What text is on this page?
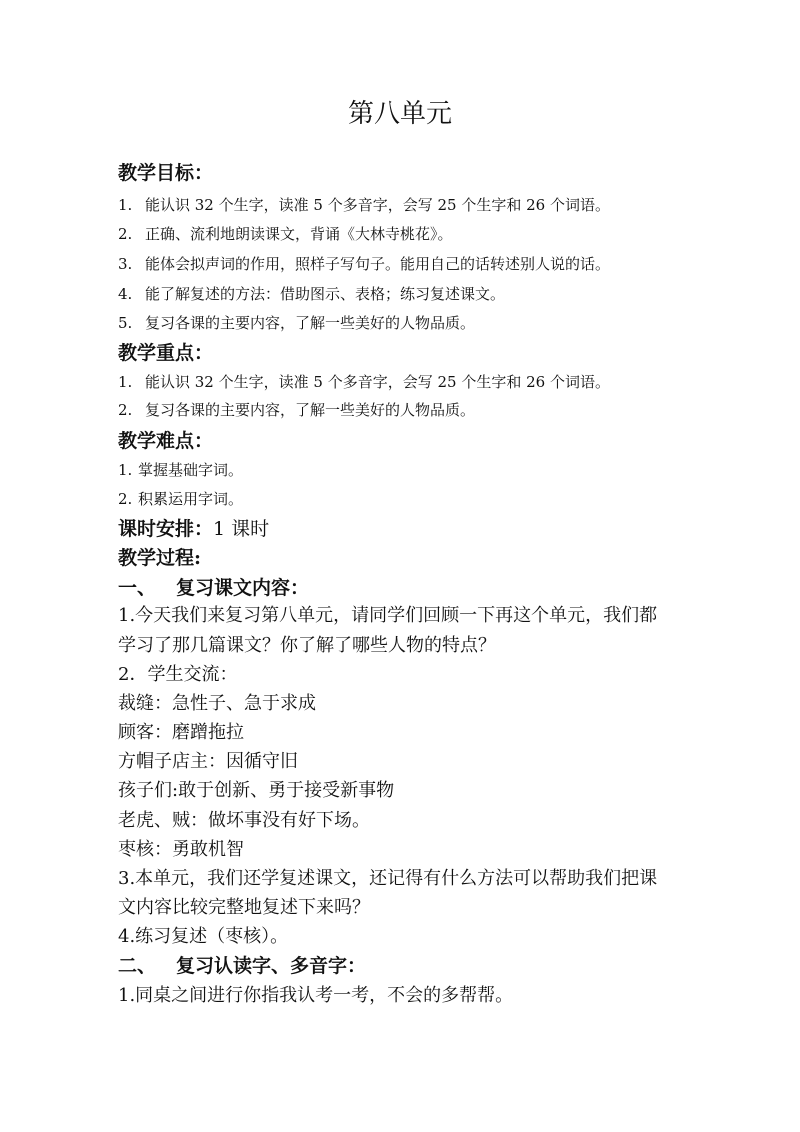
第八单元
教学目标：
1. 能认识 32 个生字，读准 5 个多音字，会写 25 个生字和 26 个词语。
2. 正确、流利地朗读课文，背诵《大林寺桃花》。
3. 能体会拟声词的作用，照样子写句子。能用自己的话转述别人说的话。
4. 能了解复述的方法：借助图示、表格；练习复述课文。
5. 复习各课的主要内容，了解一些美好的人物品质。
教学重点：
1. 能认识 32 个生字，读准 5 个多音字，会写 25 个生字和 26 个词语。
2. 复习各课的主要内容，了解一些美好的人物品质。
教学难点：
1. 掌握基础字词。
2. 积累运用字词。
课时安排：1 课时
教学过程:
一、 复习课文内容：
1.今天我们来复习第八单元，请同学们回顾一下再这个单元，我们都
学习了那几篇课文？你了解了哪些人物的特点？
2．学生交流：
裁缝：急性子、急于求成
顾客：磨蹭拖拉
方帽子店主：因循守旧
孩子们:敢于创新、勇于接受新事物
老虎、贼：做坏事没有好下场。
枣核：勇敢机智
3.本单元，我们还学复述课文，还记得有什么方法可以帮助我们把课
文内容比较完整地复述下来吗？
4.练习复述（枣核）。
二、 复习认读字、多音字：
1.同桌之间进行你指我认考一考，不会的多帮帮。
